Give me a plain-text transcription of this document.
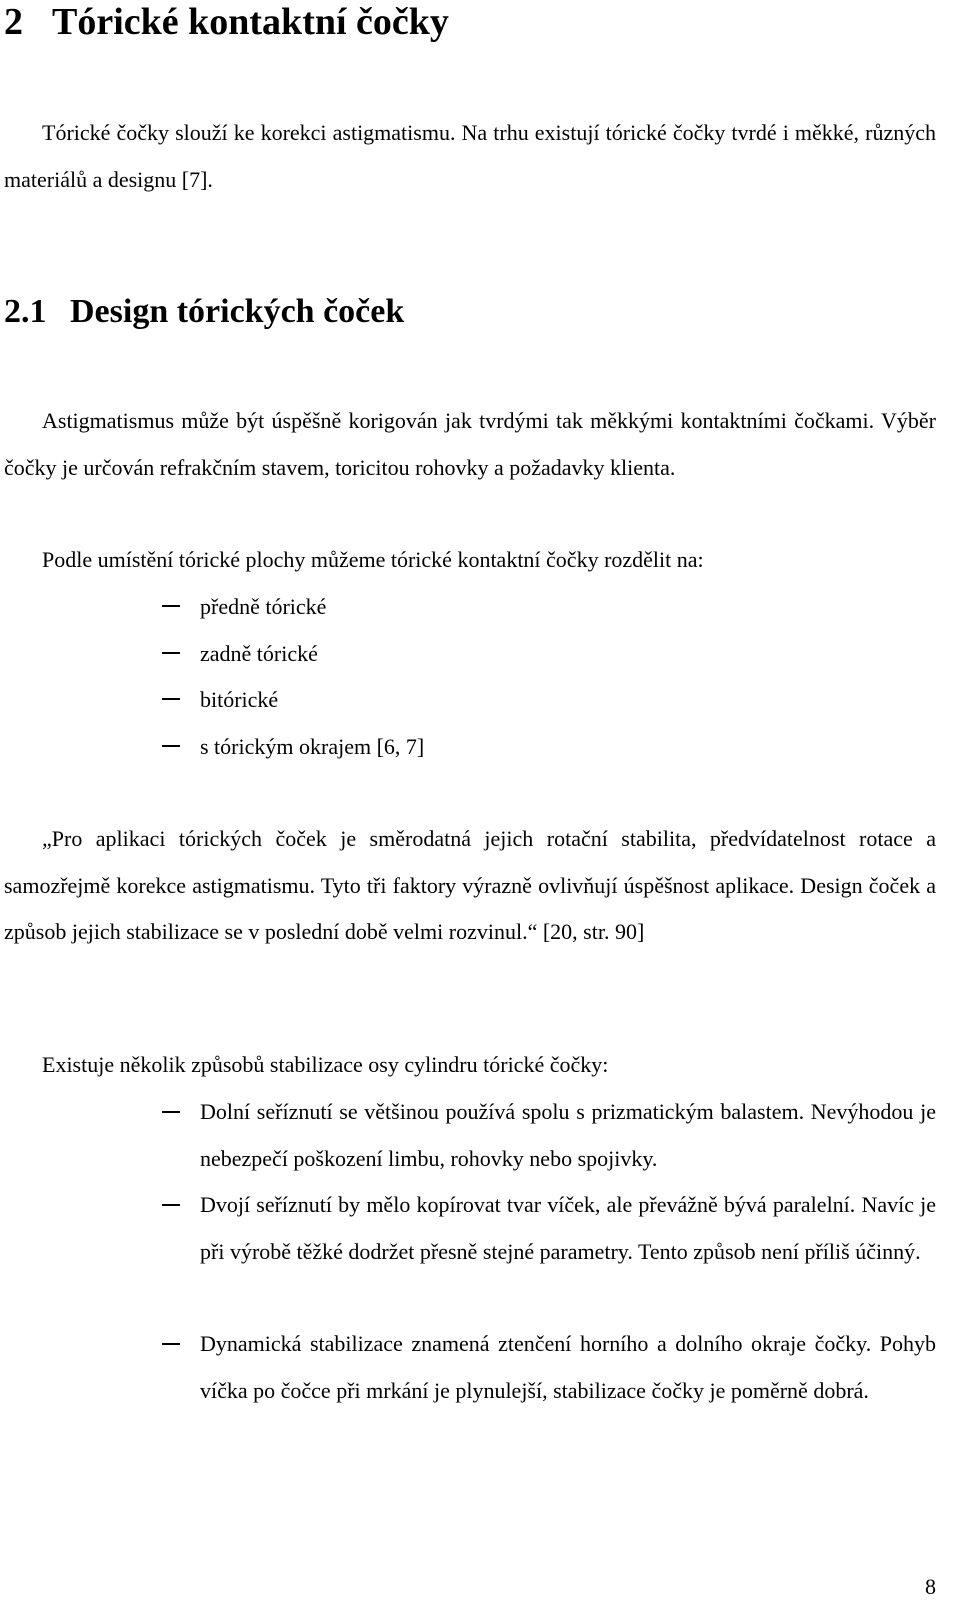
2 Tórické kontaktní čočky

Tórické čočky slouží ke korekci astigmatismu. Na trhu existují tórické čočky tvrdé i měkké, různých materiálů a designu [7].

2.1 Design tórických čoček

Astigmatismus může být úspěšně korigován jak tvrdými tak měkkými kontaktními čočkami. Výběr čočky je určován refrakčním stavem, toricitou rohovky a požadavky klienta.

Podle umístění tórické plochy můžeme tórické kontaktní čočky rozdělit na:

předně tórické

zadně tórické

bitórické

s tórickým okrajem [6, 7]

„Pro aplikaci tórických čoček je směrodatná jejich rotační stabilita, předvídatelnost rotace a samozřejmě korekce astigmatismu. Tyto tři faktory výrazně ovlivňují úspěšnost aplikace. Design čoček a způsob jejich stabilizace se v poslední době velmi rozvinul.“ [20, str. 90]

Existuje několik způsobů stabilizace osy cylindru tórické čočky:

Dolní seříznutí se většinou používá spolu s prizmatickým balastem. Nevýhodou je nebezpečí poškození limbu, rohovky nebo spojivky.

Dvojí seříznutí by mělo kopírovat tvar víček, ale převážně bývá paralelní. Navíc je při výrobě těžké dodržet přesně stejné parametry. Tento způsob není příliš účinný.

Dynamická stabilizace znamená ztenčení horního a dolního okraje čočky. Pohyb víčka po čočce při mrkání je plynulejší, stabilizace čočky je poměrně dobrá.

8
